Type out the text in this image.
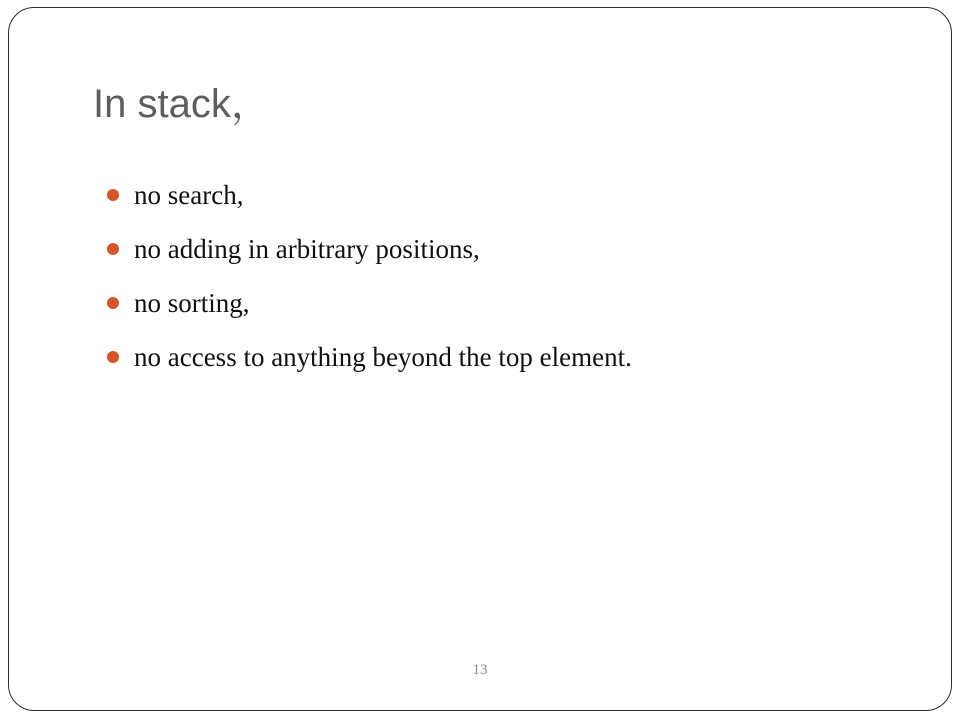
In stack，
no search,
no adding in arbitrary positions,
no sorting,
no access to anything beyond the top element.
13
